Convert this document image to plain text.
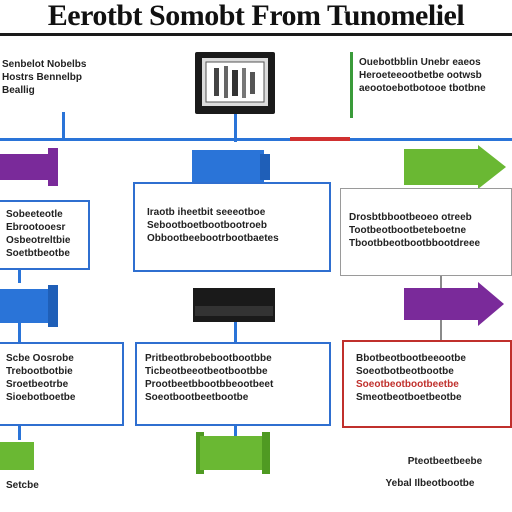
Eerotbt Somobt From Tunomeliel
Senbelot Nobelbs
Hostrs Bennelbp
Beallig
Ouebotbblin Unebr eaeos
Heroeteeootbetbe ootwsb
aeootoebotbotooe tbotbne
Sobeeteotle
Ebrootooesr
Osbeotreltbie
Soetbtbeotbe
Iraotb iheetbit seeeotboe
Sebootboetbootbootroeb
Obbootbeebootrbootbaetes
Drosbtbbootbeoeo otreeb
Tootbeotbootbeteboetne
Tbootbbeotbootbbootdreee
Scbe Oosrobe
Trebootbotbie
Sroetbeotrbe
Sioebotboetbe
Pritbeotbrobebootbootbbe
Ticbeotbeeotbeotbootbbe
Prootbeetbbootbbeootbeet
Soeotbootbeetbootbe
Bbotbeotbootbeeootbe
Soeotbotbeotbootbe
Soeotbeotbootbeetbe
Smeotbeotboetbeotbe
Setcbe
Pteotbeetbeebe
Yebal Ilbeotbootbe
